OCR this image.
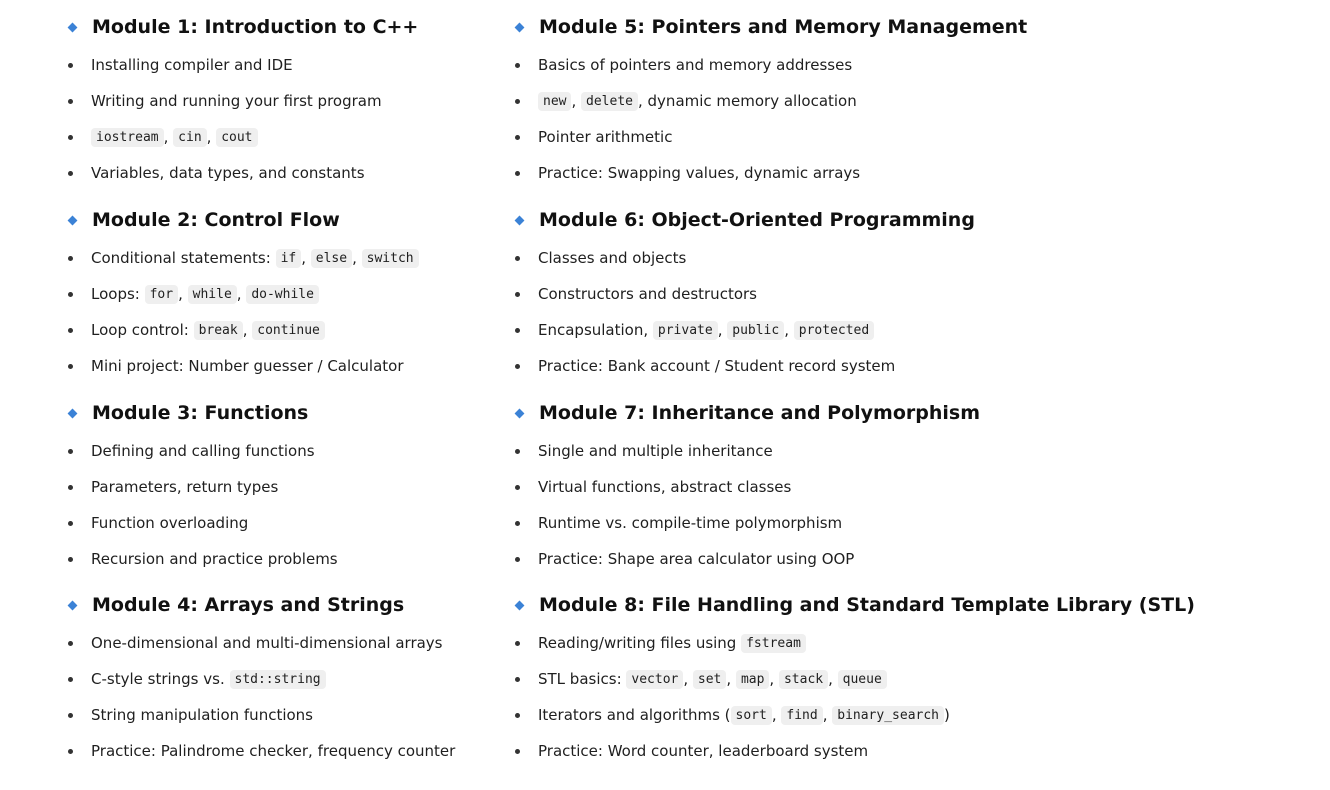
Module 1: Introduction to C++
Installing compiler and IDE
Writing and running your first program
iostream , cin , cout
Variables, data types, and constants
Module 2: Control Flow
Conditional statements: if , else , switch
Loops: for , while , do-while
Loop control: break , continue
Mini project: Number guesser / Calculator
Module 3: Functions
Defining and calling functions
Parameters, return types
Function overloading
Recursion and practice problems
Module 4: Arrays and Strings
One-dimensional and multi-dimensional arrays
C-style strings vs. std::string
String manipulation functions
Practice: Palindrome checker, frequency counter
Module 5: Pointers and Memory Management
Basics of pointers and memory addresses
new , delete , dynamic memory allocation
Pointer arithmetic
Practice: Swapping values, dynamic arrays
Module 6: Object-Oriented Programming
Classes and objects
Constructors and destructors
Encapsulation, private , public , protected
Practice: Bank account / Student record system
Module 7: Inheritance and Polymorphism
Single and multiple inheritance
Virtual functions, abstract classes
Runtime vs. compile-time polymorphism
Practice: Shape area calculator using OOP
Module 8: File Handling and Standard Template Library (STL)
Reading/writing files using fstream
STL basics: vector , set , map , stack , queue
Iterators and algorithms ( sort , find , binary_search )
Practice: Word counter, leaderboard system
